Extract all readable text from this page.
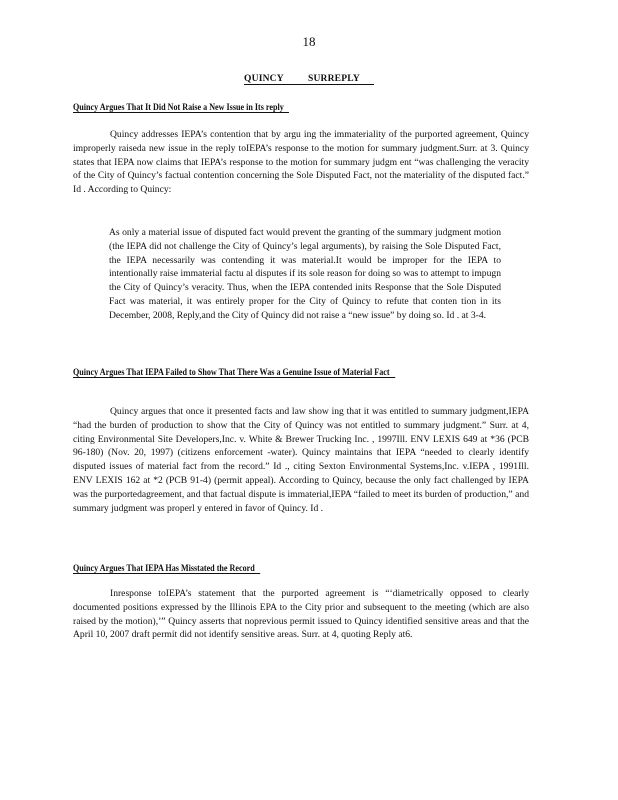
18
QUINCY SURREPLY
Quincy Argues That It Did Not Raise a New Issue in Its reply

Quincy addresses IEPA’s contention that by argu ing the immateriality of the purported agreement, Quincy improperly raiseda new issue in the reply toIEPA’s response to the motion for summary judgment.Surr. at 3. Quincy states that IEPA now claims that IEPA’s response to the motion for summary judgm ent “was challenging the veracity of the City of Quincy’s factual contention concerning the Sole Disputed Fact, not the materiality of the disputed fact.” Id . According to Quincy:

As only a material issue of disputed fact would prevent the granting of the summary judgment motion (the IEPA did not challenge the City of Quincy’s legal arguments), by raising the Sole Disputed Fact, the IEPA necessarily was contending it was material.It would be improper for the IEPA to intentionally raise immaterial factu al disputes if its sole reason for doing so was to attempt to impugn the City of Quincy’s veracity. Thus, when the IEPA contended inits Response that the Sole Disputed Fact was material, it was entirely proper for the City of Quincy to refute that conten tion in its December, 2008, Reply,and the City of Quincy did not raise a “new issue” by doing so. Id . at 3-4.

Quincy Argues That IEPA Failed to Show That There Was a Genuine Issue of Material Fact

Quincy argues that once it presented facts and law show ing that it was entitled to summary judgment,IEPA “had the burden of production to show that the City of Quincy was not entitled to summary judgment.” Surr. at 4, citing Environmental Site Developers,Inc. v. White & Brewer Trucking Inc. , 1997Ill. ENV LEXIS 649 at *36 (PCB 96-180) (Nov. 20, 1997) (citizens enforcement -water). Quincy maintains that IEPA “needed to clearly identify disputed issues of material fact from the record.” Id ., citing Sexton Environmental Systems,Inc. v.IEPA , 1991Ill. ENV LEXIS 162 at *2 (PCB 91-4) (permit appeal). According to Quincy, because the only fact challenged by IEPA was the purportedagreement, and that factual dispute is immaterial,IEPA “failed to meet its burden of production,” and summary judgment was properl y entered in favor of Quincy. Id .

Quincy Argues That IEPA Has Misstated the Record

Inresponse toIEPA’s statement that the purported agreement is “‘diametrically opposed to clearly documented positions expressed by the Illinois EPA to the City prior and subsequent to the meeting (which are also raised by the motion),’” Quincy asserts that noprevious permit issued to Quincy identified sensitive areas and that the April 10, 2007 draft permit did not identify sensitive areas. Surr. at 4, quoting Reply at6.
